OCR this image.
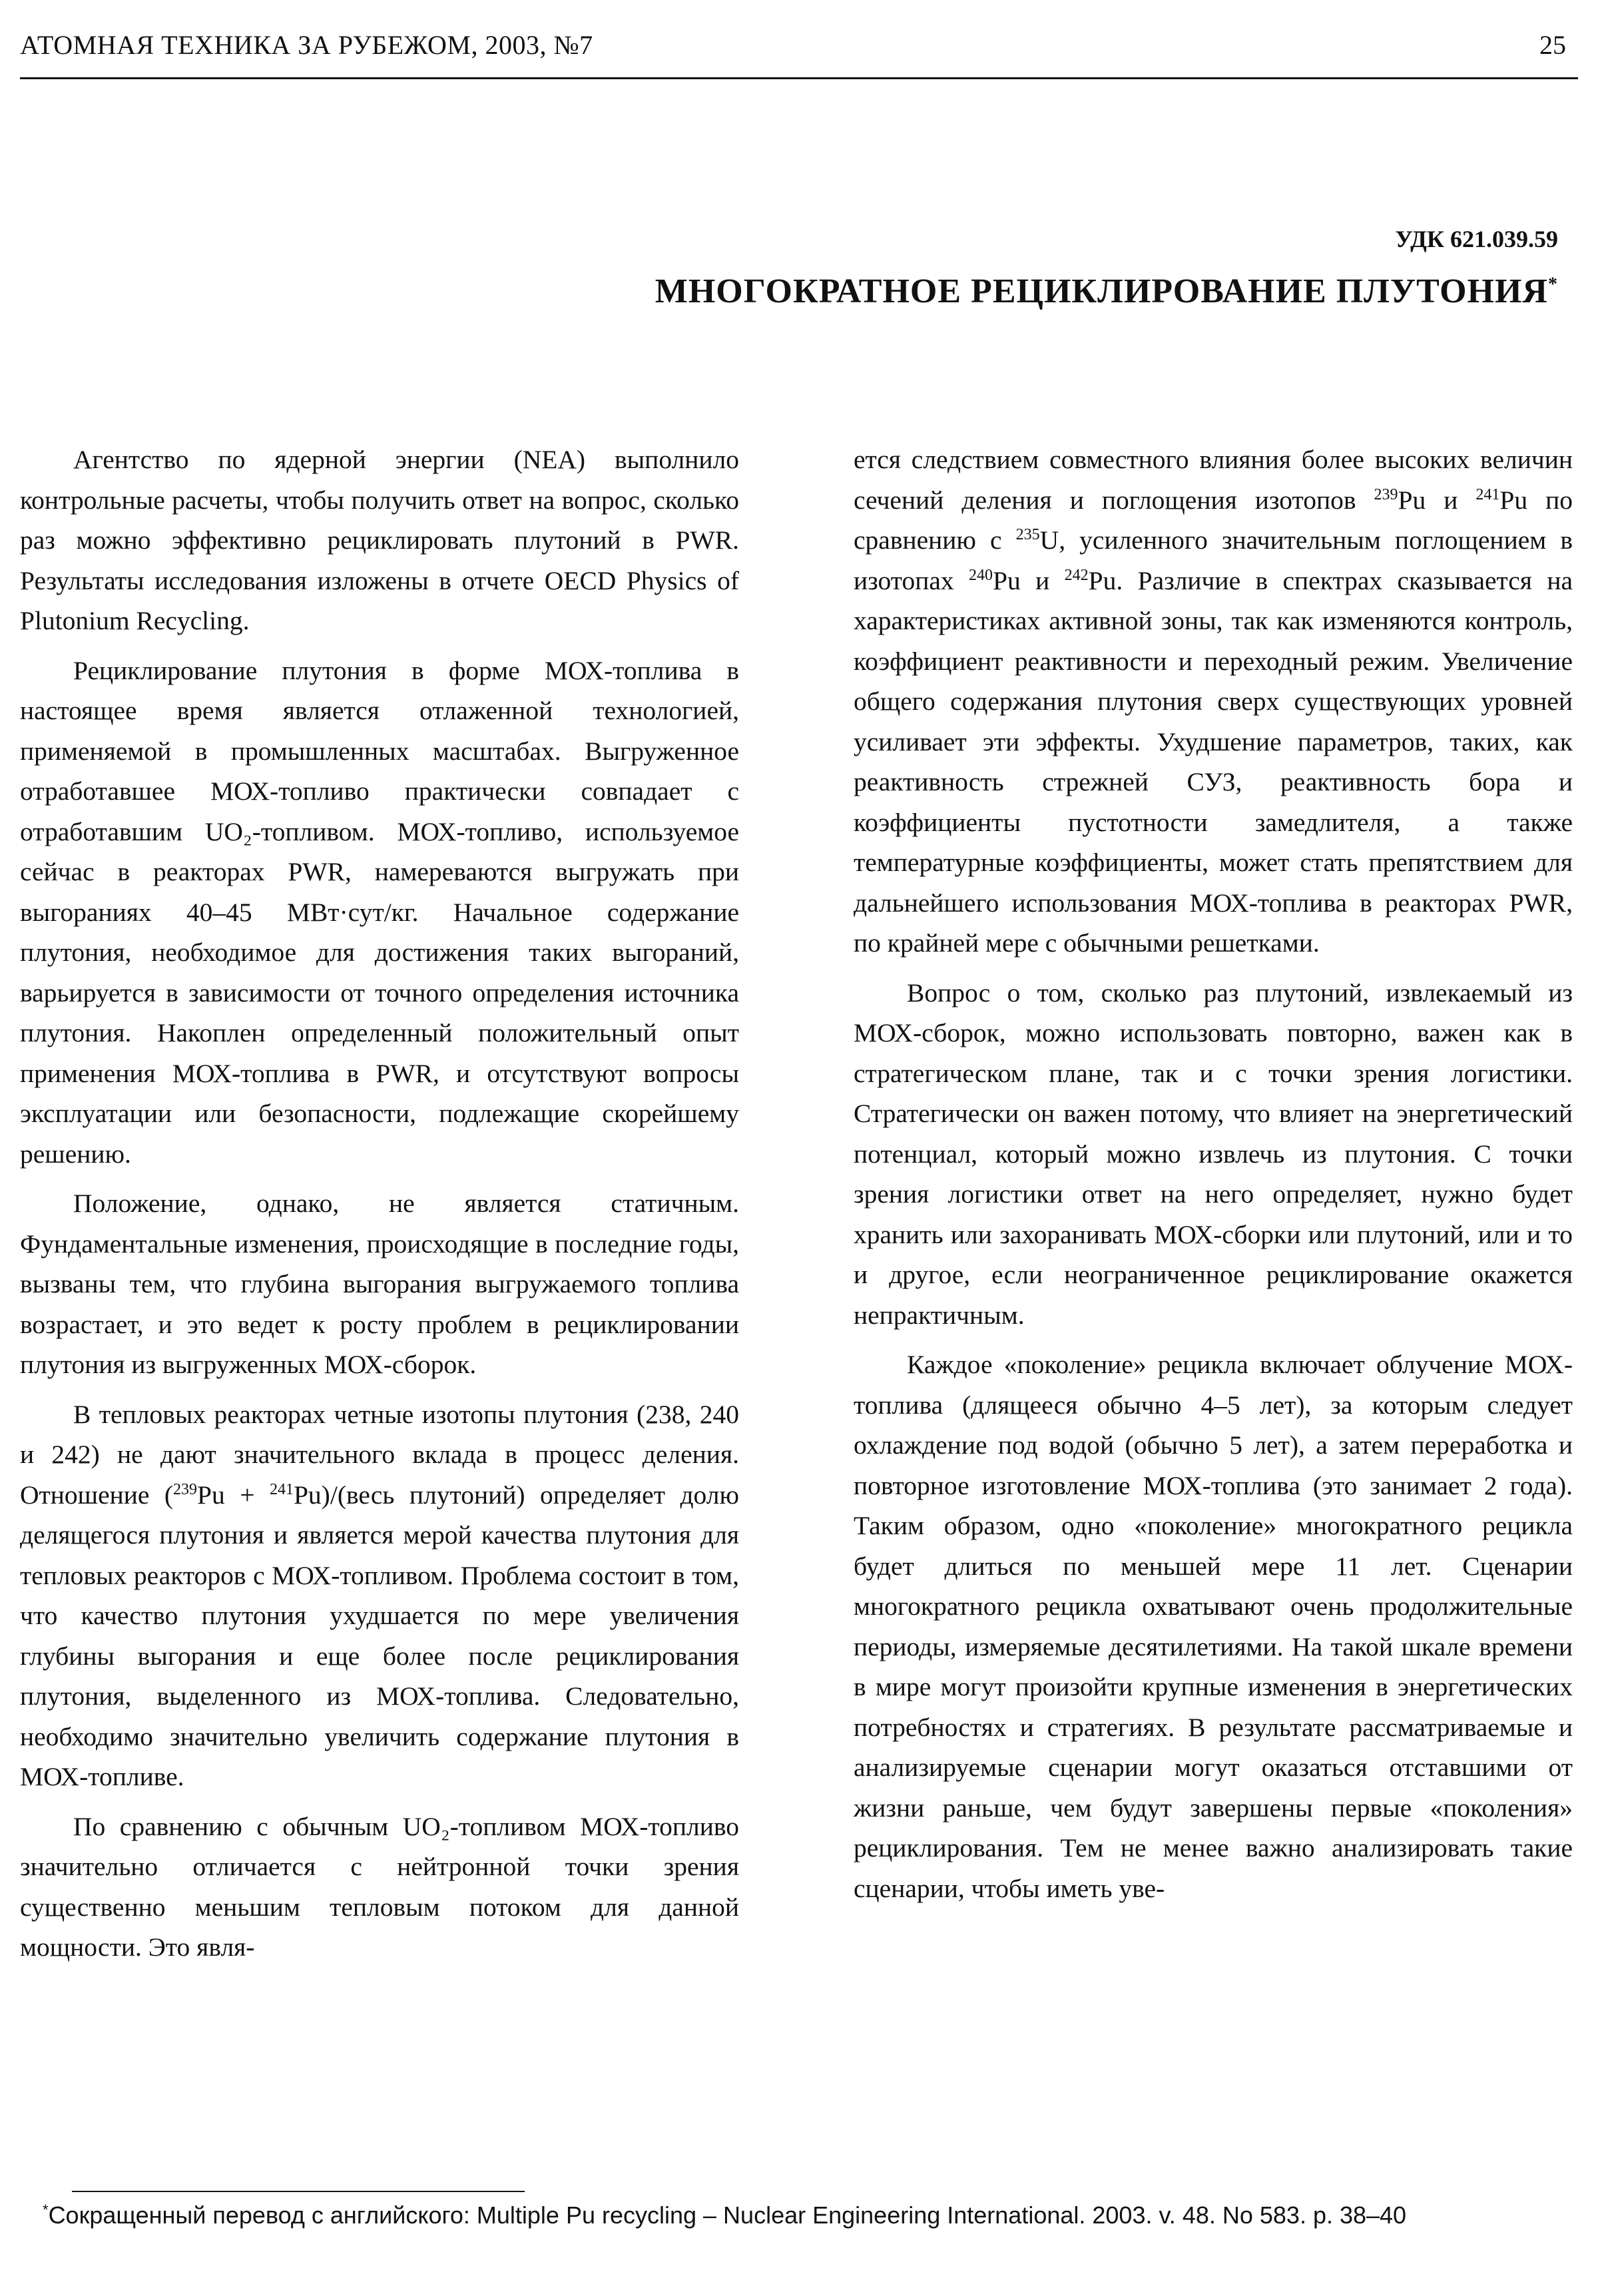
АТОМНАЯ ТЕХНИКА ЗА РУБЕЖОМ, 2003, №7	25
УДК 621.039.59
МНОГОКРАТНОЕ РЕЦИКЛИРОВАНИЕ ПЛУТОНИЯ*

Агентство по ядерной энергии (NEA) выполнило контрольные расчеты, чтобы получить ответ на вопрос, сколько раз можно эффективно рециклировать плутоний в PWR. Результаты исследования изложены в отчете OECD Physics of Plutonium Recycling.

Рециклирование плутония в форме МОХ-топлива в настоящее время является отлаженной технологией, применяемой в промышленных масштабах. Выгруженное отработавшее МОХ-топливо практически совпадает с отработавшим UO₂-топливом. МОХ-топливо, используемое сейчас в реакторах PWR, намереваются выгружать при выгораниях 40–45 МВт·сут/кг. Начальное содержание плутония, необходимое для достижения таких выгораний, варьируется в зависимости от точного определения источника плутония. Накоплен определенный положительный опыт применения МОХ-топлива в PWR, и отсутствуют вопросы эксплуатации или безопасности, подлежащие скорейшему решению.

Положение, однако, не является статичным. Фундаментальные изменения, происходящие в последние годы, вызваны тем, что глубина выгорания выгружаемого топлива возрастает, и это ведет к росту проблем в рециклировании плутония из выгруженных МОХ-сборок.

В тепловых реакторах четные изотопы плутония (238, 240 и 242) не дают значительного вклада в процесс деления. Отношение ($^{239}$Pu + $^{241}$Pu)/(весь плутоний) определяет долю делящегося плутония и является мерой качества плутония для тепловых реакторов с МОХ-топливом. Проблема состоит в том, что качество плутония ухудшается по мере увеличения глубины выгорания и еще более после рециклирования плутония, выделенного из МОХ-топлива. Следовательно, необходимо значительно увеличить содержание плутония в МОХ-топливе.

По сравнению с обычным UO₂-топливом МОХ-топливо значительно отличается с нейтронной точки зрения существенно меньшим тепловым потоком для данной мощности. Это явля-

ется следствием совместного влияния более высоких величин сечений деления и поглощения изотопов $^{239}$Pu и $^{241}$Pu по сравнению с $^{235}$U, усиленного значительным поглощением в изотопах $^{240}$Pu и $^{242}$Pu. Различие в спектрах сказывается на характеристиках активной зоны, так как изменяются контроль, коэффициент реактивности и переходный режим. Увеличение общего содержания плутония сверх существующих уровней усиливает эти эффекты. Ухудшение параметров, таких, как реактивность стрежней СУЗ, реактивность бора и коэффициенты пустотности замедлителя, а также температурные коэффициенты, может стать препятствием для дальнейшего использования МОХ-топлива в реакторах PWR, по крайней мере с обычными решетками.

Вопрос о том, сколько раз плутоний, извлекаемый из МОХ-сборок, можно использовать повторно, важен как в стратегическом плане, так и с точки зрения логистики. Стратегически он важен потому, что влияет на энергетический потенциал, который можно извлечь из плутония. С точки зрения логистики ответ на него определяет, нужно будет хранить или захоранивать МОХ-сборки или плутоний, или и то и другое, если неограниченное рециклирование окажется непрактичным.

Каждое «поколение» рецикла включает облучение МОХ-топлива (длящееся обычно 4–5 лет), за которым следует охлаждение под водой (обычно 5 лет), а затем переработка и повторное изготовление МОХ-топлива (это занимает 2 года). Таким образом, одно «поколение» многократного рецикла будет длиться по меньшей мере 11 лет. Сценарии многократного рецикла охватывают очень продолжительные периоды, измеряемые десятилетиями. На такой шкале времени в мире могут произойти крупные изменения в энергетических потребностях и стратегиях. В результате рассматриваемые и анализируемые сценарии могут оказаться отставшими от жизни раньше, чем будут завершены первые «поколения» рециклирования. Тем не менее важно анализировать такие сценарии, чтобы иметь уве-

*Сокращенный перевод с английского: Multiple Pu recycling – Nuclear Engineering International. 2003. v. 48. No 583. p. 38–40
